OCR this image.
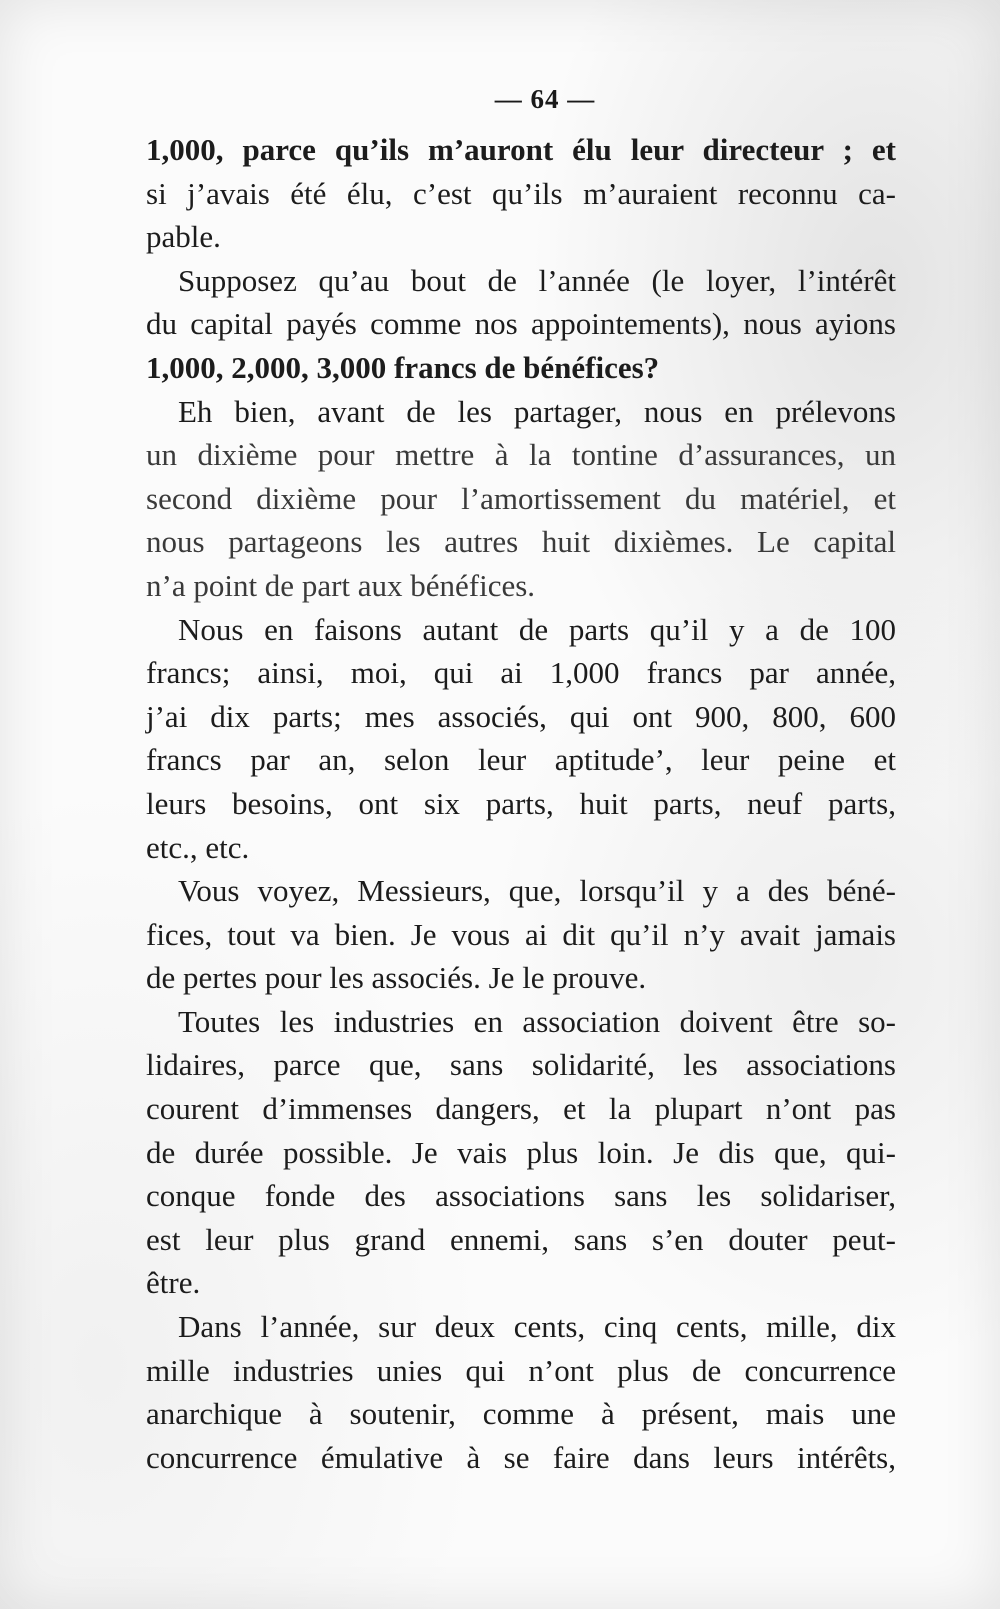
— 64 —
1,000, parce qu’ils m’auront élu leur directeur ; et
si j’avais été élu, c’est qu’ils m’auraient reconnu ca-
pable.
Supposez qu’au bout de l’année (le loyer, l’intérêt
du capital payés comme nos appointements), nous ayions
1,000, 2,000, 3,000 francs de bénéfices?
Eh bien, avant de les partager, nous en prélevons
un dixième pour mettre à la tontine d’assurances, un
second dixième pour l’amortissement du matériel, et
nous partageons les autres huit dixièmes. Le capital
n’a point de part aux bénéfices.
Nous en faisons autant de parts qu’il y a de 100
francs; ainsi, moi, qui ai 1,000 francs par année,
j’ai dix parts; mes associés, qui ont 900, 800, 600
francs par an, selon leur aptitude’, leur peine et
leurs besoins, ont six parts, huit parts, neuf parts,
etc., etc.
Vous voyez, Messieurs, que, lorsqu’il y a des béné-
fices, tout va bien. Je vous ai dit qu’il n’y avait jamais
de pertes pour les associés. Je le prouve.
Toutes les industries en association doivent être so-
lidaires, parce que, sans solidarité, les associations
courent d’immenses dangers, et la plupart n’ont pas
de durée possible. Je vais plus loin. Je dis que, qui-
conque fonde des associations sans les solidariser,
est leur plus grand ennemi, sans s’en douter peut-
être.
Dans l’année, sur deux cents, cinq cents, mille, dix
mille industries unies qui n’ont plus de concurrence
anarchique à soutenir, comme à présent, mais une
concurrence émulative à se faire dans leurs intérêts,
